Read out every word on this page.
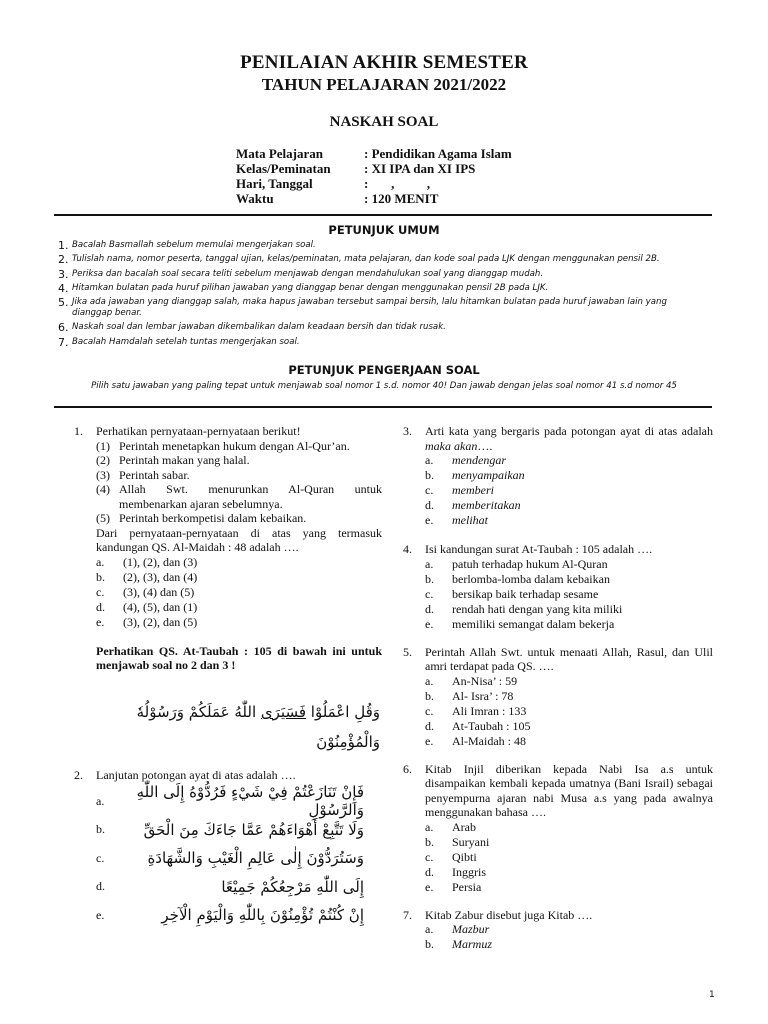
PENILAIAN AKHIR SEMESTER
TAHUN PELAJARAN 2021/2022
NASKAH SOAL
Mata Pelajaran	: Pendidikan Agama Islam
Kelas/Peminatan	: XI IPA dan XI IPS
Hari, Tanggal	:       ,          ,
Waktu	: 120 MENIT
PETUNJUK UMUM
1. Bacalah Basmallah sebelum memulai mengerjakan soal.
2. Tulislah nama, nomor peserta, tanggal ujian, kelas/peminatan, mata pelajaran, dan kode soal pada LJK dengan menggunakan pensil 2B.
3. Periksa dan bacalah soal secara teliti sebelum menjawab dengan mendahulukan soal yang dianggap mudah.
4. Hitamkan bulatan pada huruf pilihan jawaban yang dianggap benar dengan menggunakan pensil 2B pada LJK.
5. Jika ada jawaban yang dianggap salah, maka hapus jawaban tersebut sampai bersih, lalu hitamkan bulatan pada huruf jawaban lain yang dianggap benar.
6. Naskah soal dan lembar jawaban dikembalikan dalam keadaan bersih dan tidak rusak.
7. Bacalah Hamdalah setelah tuntas mengerjakan soal.
PETUNJUK PENGERJAAN SOAL
Pilih satu jawaban yang paling tepat untuk menjawab soal nomor 1 s.d. nomor 40! Dan jawab dengan jelas soal nomor 41 s.d nomor 45
1.	Perhatikan pernyataan-pernyataan berikut!
(1) Perintah menetapkan hukum dengan Al-Qur’an.
(2) Perintah makan yang halal.
(3) Perintah sabar.
(4) Allah Swt. menurunkan Al-Quran untuk membenarkan ajaran sebelumnya.
(5) Perintah berkompetisi dalam kebaikan.
Dari pernyataan-pernyataan di atas yang termasuk kandungan QS. Al-Maidah : 48 adalah ….
a.	(1), (2), dan (3)
b.	(2), (3), dan (4)
c.	(3), (4) dan (5)
d.	(4), (5), dan (1)
e.	(3), (2), dan (5)
Perhatikan QS. At-Taubah : 105 di bawah ini untuk menjawab soal no 2 dan 3 !
وَقُلِ اعْمَلُوْا فَسَيَرَى اللّٰهُ عَمَلَكُمْ وَرَسُوْلُهٗ
وَالْمُؤْمِنُوْنَ
2.	Lanjutan potongan ayat di atas adalah ….
a.	فَإِنْ تَنَازَعْتُمْ فِيْ شَيْءٍ فَرُدُّوْهُ إِلَى اللّٰهِ وَالرَّسُوْلِ
b.	وَلَا تَتَّبِعْ أَهْوَاءَهُمْ عَمَّا جَاءَكَ مِنَ الْحَقِّ
c.	وَسَتُرَدُّوْنَ إِلٰى عَالِمِ الْغَيْبِ وَالشَّهَادَةِ
d.	إِلَى اللّٰهِ مَرْجِعُكُمْ جَمِيْعًا
e.	إِنْ كُنْتُمْ تُؤْمِنُوْنَ بِاللّٰهِ وَالْيَوْمِ الْآخِرِ
3.	Arti kata yang bergaris pada potongan ayat di atas adalah maka akan….
a.	mendengar
b.	menyampaikan
c.	memberi
d.	memberitakan
e.	melihat
4.	Isi kandungan surat At-Taubah : 105 adalah ….
a.	patuh terhadap hukum Al-Quran
b.	berlomba-lomba dalam kebaikan
c.	bersikap baik terhadap sesame
d.	rendah hati dengan yang kita miliki
e.	memiliki semangat dalam bekerja
5.	Perintah Allah Swt. untuk menaati Allah, Rasul, dan Ulil amri terdapat pada QS. ….
a.	An-Nisa’ : 59
b.	Al- Isra’ : 78
c.	Ali Imran : 133
d.	At-Taubah : 105
e.	Al-Maidah : 48
6.	Kitab Injil diberikan kepada Nabi Isa a.s untuk disampaikan kembali kepada umatnya (Bani Israil) sebagai penyempurna ajaran nabi Musa a.s yang pada awalnya menggunakan bahasa ….
a.	Arab
b.	Suryani
c.	Qibti
d.	Inggris
e.	Persia
7.	Kitab Zabur disebut juga Kitab ….
a.	Mazbur
b.	Marmuz
1
